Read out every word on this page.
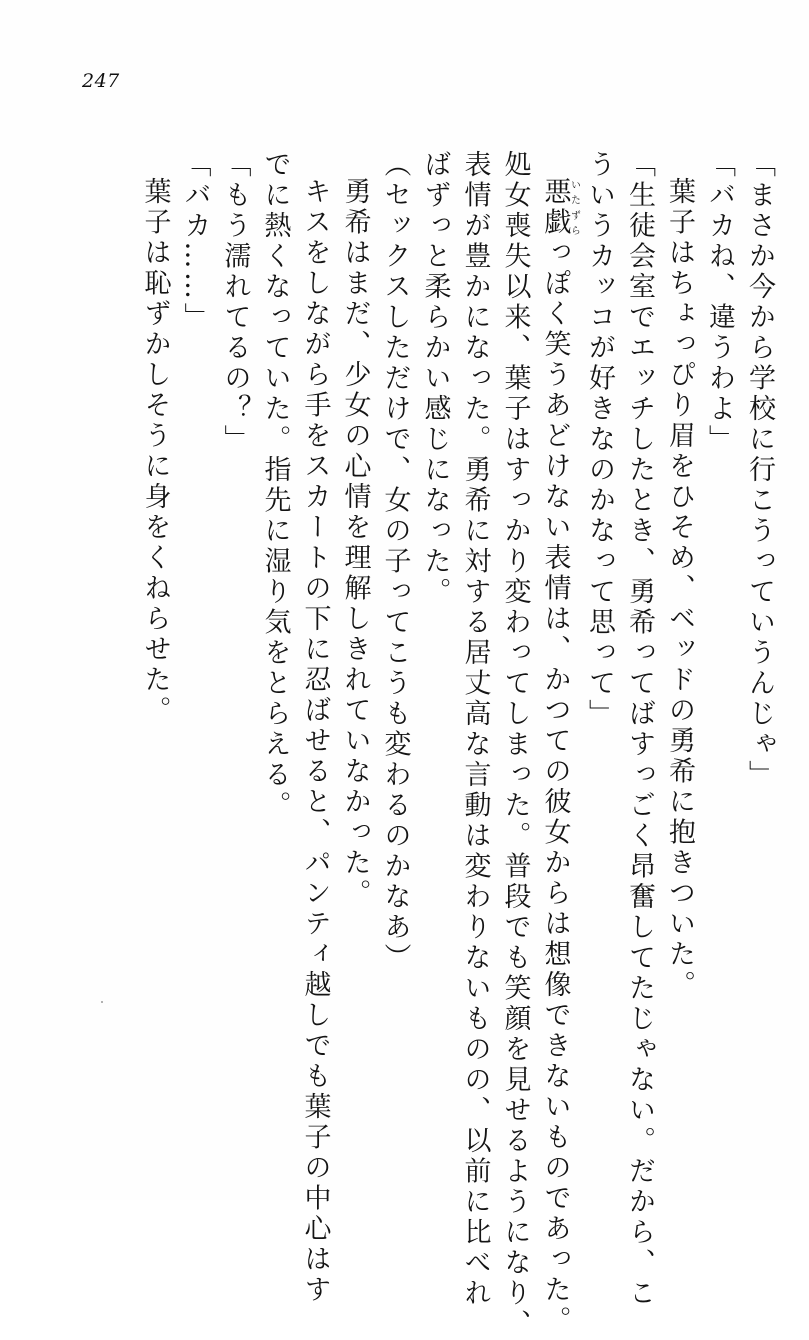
247
「まさか今から学校に行こうっていうんじゃ」
「バカね、違うわよ」
葉子はちょっぴり眉をひそめ、ベッドの勇希に抱きついた。
「生徒会室でエッチしたとき、勇希ってばすっごく昂奮してたじゃない。だから、こ
ういうカッコが好きなのかなって思って」
悪戯いたずらっぽく笑うあどけない表情は、かつての彼女からは想像できないものであった。
処女喪失以来、葉子はすっかり変わってしまった。普段でも笑顔を見せるようになり、
表情が豊かになった。勇希に対する居丈高な言動は変わりないものの、以前に比べれ
ばずっと柔らかい感じになった。
（セックスしただけで、女の子ってこうも変わるのかなあ）
勇希はまだ、少女の心情を理解しきれていなかった。
キスをしながら手をスカートの下に忍ばせると、パンティ越しでも葉子の中心はす
でに熱くなっていた。指先に湿り気をとらえる。
「もう濡れてるの？」
「バカ……」
葉子は恥ずかしそうに身をくねらせた。
